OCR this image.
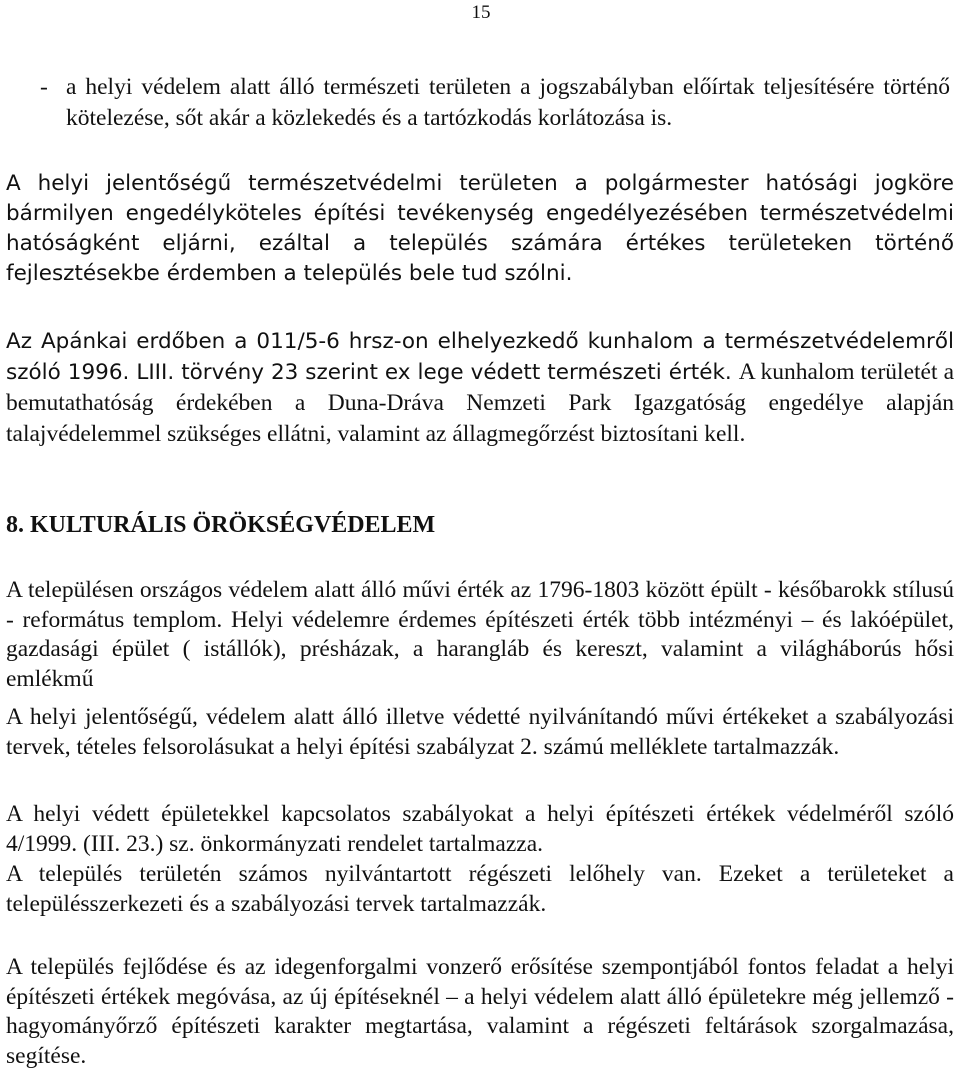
15
- a helyi védelem alatt álló természeti területen a jogszabályban előírtak teljesítésére történő kötelezése, sőt akár a közlekedés és a tartózkodás korlátozása is.

A helyi jelentőségű természetvédelmi területen a polgármester hatósági jogköre bármilyen engedélyköteles építési tevékenység engedélyezésében természetvédelmi hatóságként eljárni, ezáltal a település számára értékes területeken történő fejlesztésekbe érdemben a település bele tud szólni.

Az Apánkai erdőben a 011/5-6 hrsz-on elhelyezkedő kunhalom a természetvédelemről szóló 1996. LIII. törvény 23 szerint ex lege védett természeti érték. A kunhalom területét a bemutathatóság érdekében a Duna-Dráva Nemzeti Park Igazgatóság engedélye alapján talajvédelemmel szükséges ellátni, valamint az állagmegőrzést biztosítani kell.

8. KULTURÁLIS ÖRÖKSÉGVÉDELEM

A településen országos védelem alatt álló művi érték az 1796-1803 között épült - későbarokk stílusú - református templom. Helyi védelemre érdemes építészeti érték több intézményi – és lakóépület, gazdasági épület ( istállók), présházak, a harangláb és kereszt, valamint a világháborús hősi emlékmű

A helyi jelentőségű, védelem alatt álló illetve védetté nyilvánítandó művi értékeket a szabályozási tervek, tételes felsorolásukat a helyi építési szabályzat 2. számú melléklete tartalmazzák.

A helyi védett épületekkel kapcsolatos szabályokat a helyi építészeti értékek védelméről szóló 4/1999. (III. 23.) sz. önkormányzati rendelet tartalmazza.

A település területén számos nyilvántartott régészeti lelőhely van. Ezeket a területeket a településszerkezeti és a szabályozási tervek tartalmazzák.

A település fejlődése és az idegenforgalmi vonzerő erősítése szempontjából fontos feladat a helyi építészeti értékek megóvása, az új építéseknél – a helyi védelem alatt álló épületekre még jellemző - hagyományőrző építészeti karakter megtartása, valamint a régészeti feltárások szorgalmazása, segítése.
